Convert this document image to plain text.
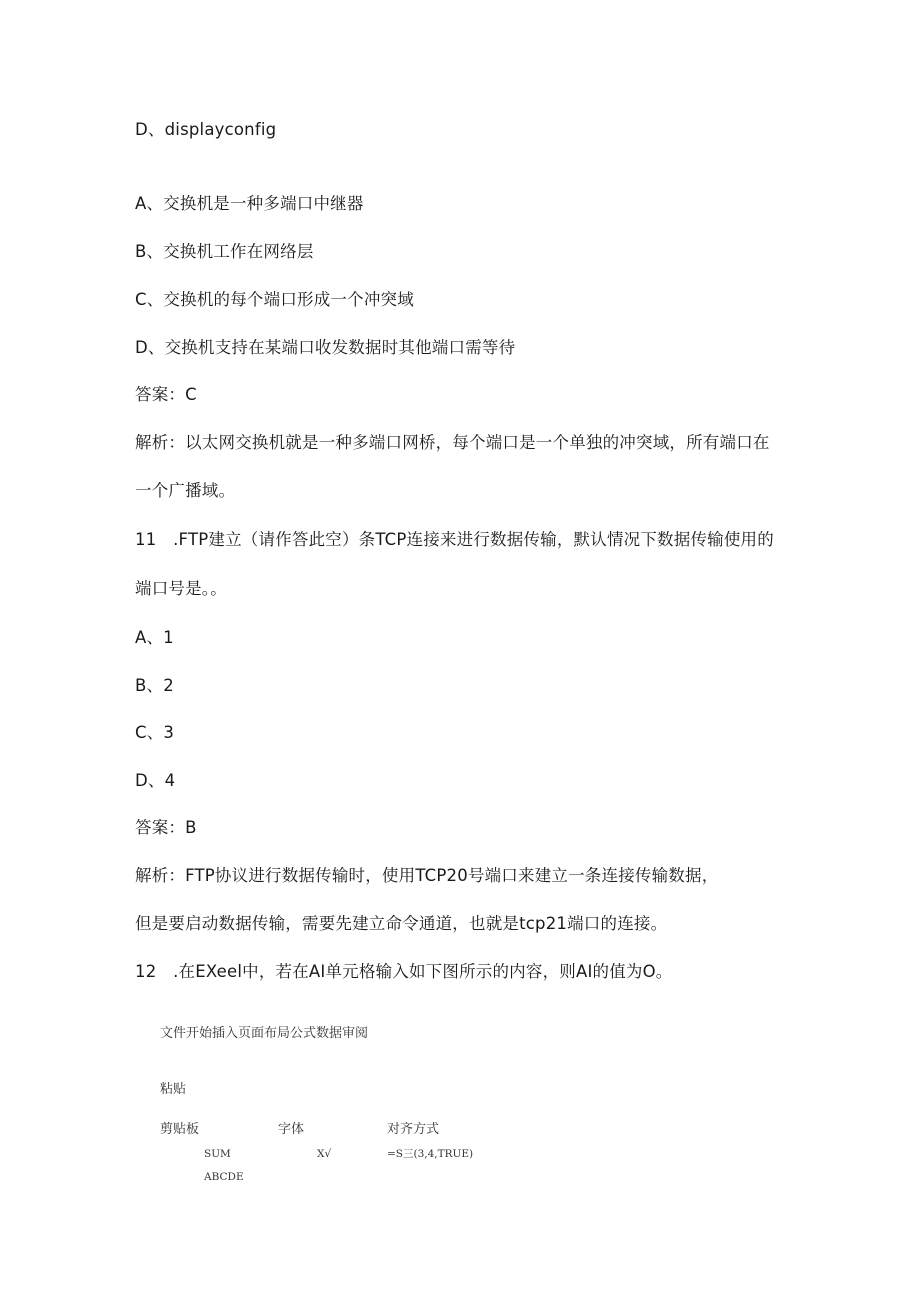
D、displayconfig
A、交换机是一种多端口中继器
B、交换机工作在网络层
C、交换机的每个端口形成一个冲突域
D、交换机支持在某端口收发数据时其他端口需等待
答案：C
解析：以太网交换机就是一种多端口网桥，每个端口是一个单独的冲突域，所有端口在
一个广播域。
11　.FTP建立（请作答此空）条TCP连接来进行数据传输，默认情况下数据传输使用的
端口号是。。
A、1
B、2
C、3
D、4
答案：B
解析：FTP协议进行数据传输时，使用TCP20号端口来建立一条连接传输数据，
但是要启动数据传输，需要先建立命令通道，也就是tcp21端口的连接。
12　.在EXeel中，若在AI单元格输入如下图所示的内容，则AI的值为O。
文件开始插入页面布局公式数据审阅
粘贴
剪贴板	字体	对齐方式
SUM	X√	=S三(3,4,TRUE)
ABCDE
